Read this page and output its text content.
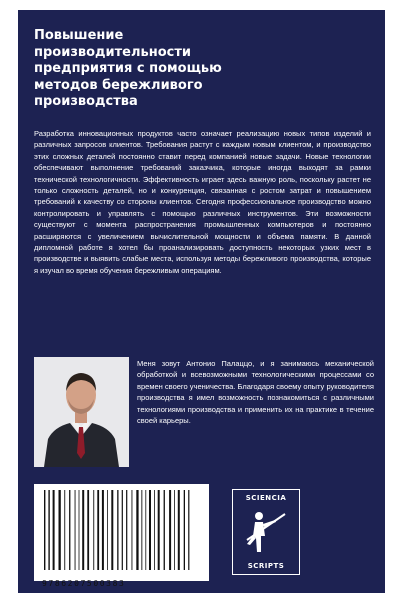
Повышение
производительности
предприятия с помощью
методов бережливого
производства
Разработка инновационных продуктов часто означает реализацию новых типов изделий и различных запросов клиентов. Требования растут с каждым новым клиентом, и производство этих сложных деталей постоянно ставит перед компанией новые задачи. Новые технологии обеспечивают выполнение требований заказчика, которые иногда выходят за рамки технической технологичности. Эффективность играет здесь важную роль, поскольку растет не только сложность деталей, но и конкуренция, связанная с ростом затрат и повышением требований к качеству со стороны клиентов. Сегодня профессиональное производство можно контролировать и управлять с помощью различных инструментов. Эти возможности существуют с момента распространения промышленных компьютеров и постоянно расширяются с увеличением вычислительной мощности и объема памяти. В данной дипломной работе я хотел бы проанализировать доступность некоторых узких мест в производстве и выявить слабые места, используя методы бережливого производства, которые я изучал во время обучения бережливым операциям.
Меня зовут Антонио Палаццо, и я занимаюсь механической обработкой и всевозможными технологическими процессами со времен своего ученичества. Благодаря своему опыту руководителя производства я имел возможность познакомиться с различными технологиями производства и применить их на практике в течение своей карьеры.
9786207500383
SCIENCIA
SCRIPTS
